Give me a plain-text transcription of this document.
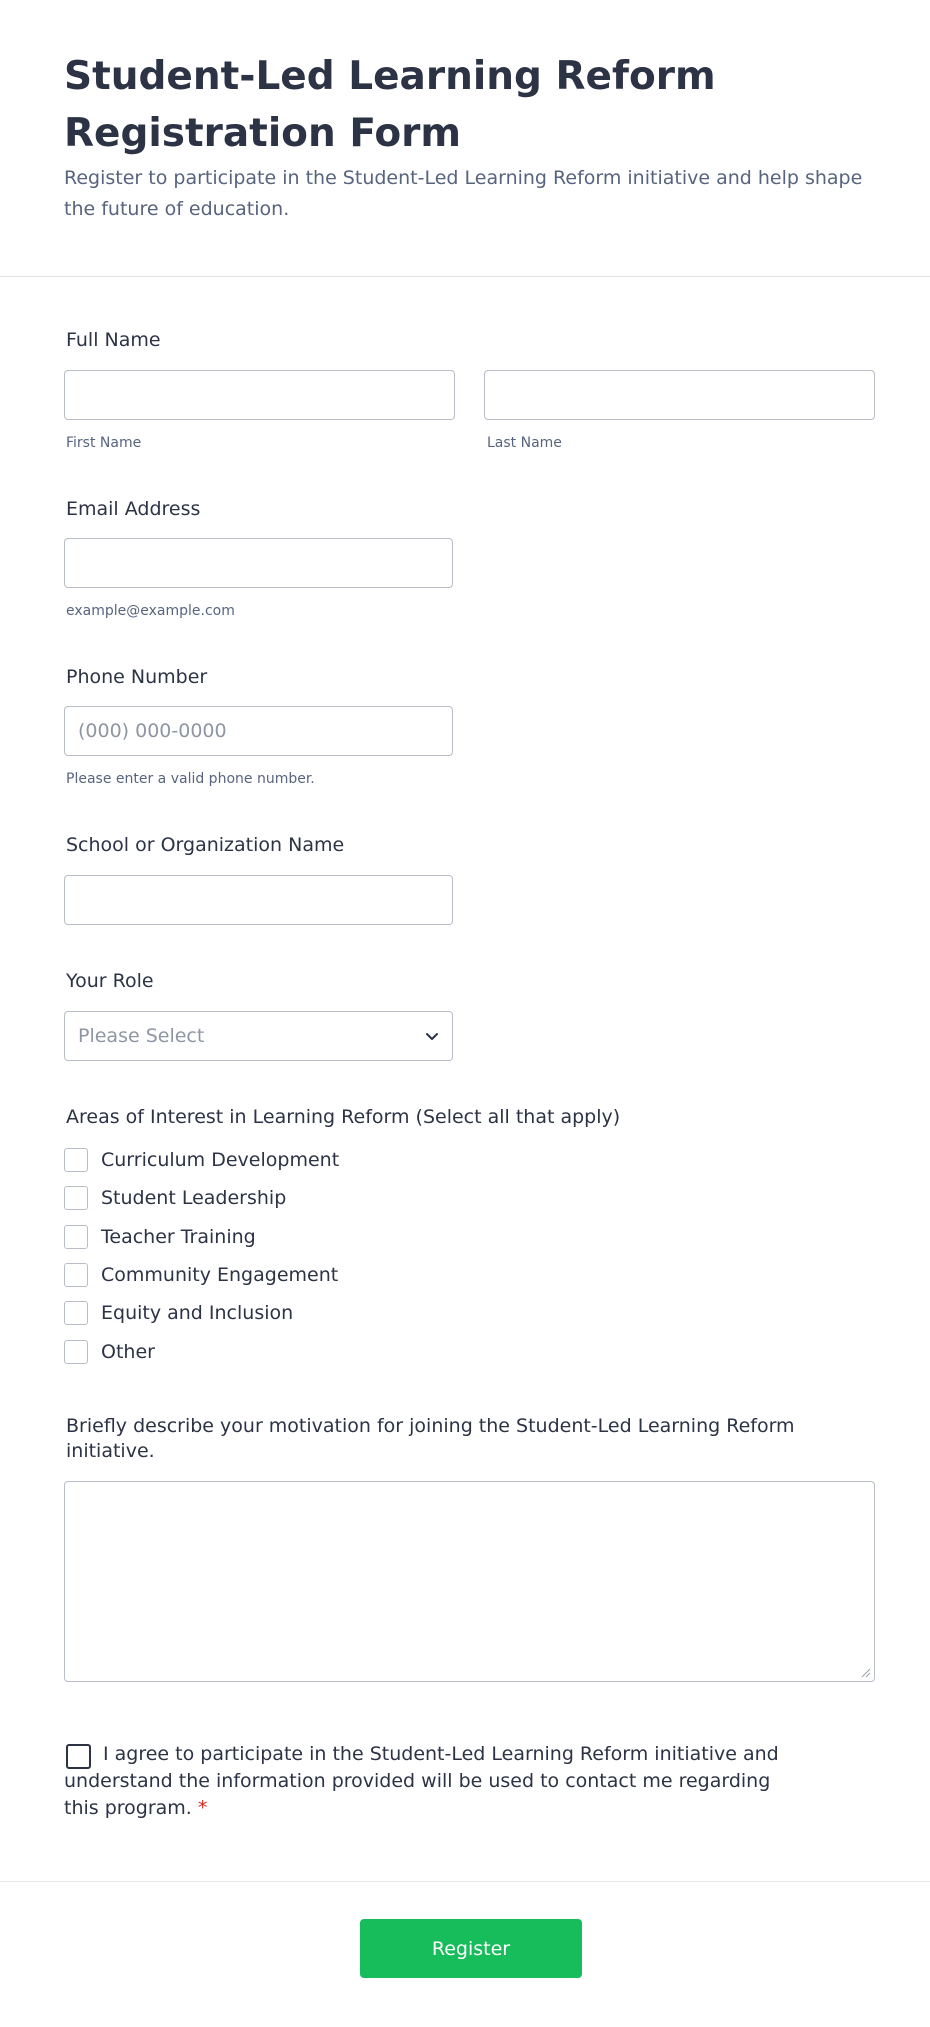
Student-Led Learning Reform Registration Form

Register to participate in the Student-Led Learning Reform initiative and help shape the future of education.

Full Name
First Name	Last Name
Email Address
example@example.com
Phone Number
(000) 000-0000
Please enter a valid phone number.
School or Organization Name
Your Role
Please Select
Areas of Interest in Learning Reform (Select all that apply)
Curriculum Development
Student Leadership
Teacher Training
Community Engagement
Equity and Inclusion
Other
Briefly describe your motivation for joining the Student-Led Learning Reform initiative.
I agree to participate in the Student-Led Learning Reform initiative and understand the information provided will be used to contact me regarding this program. *
Register
